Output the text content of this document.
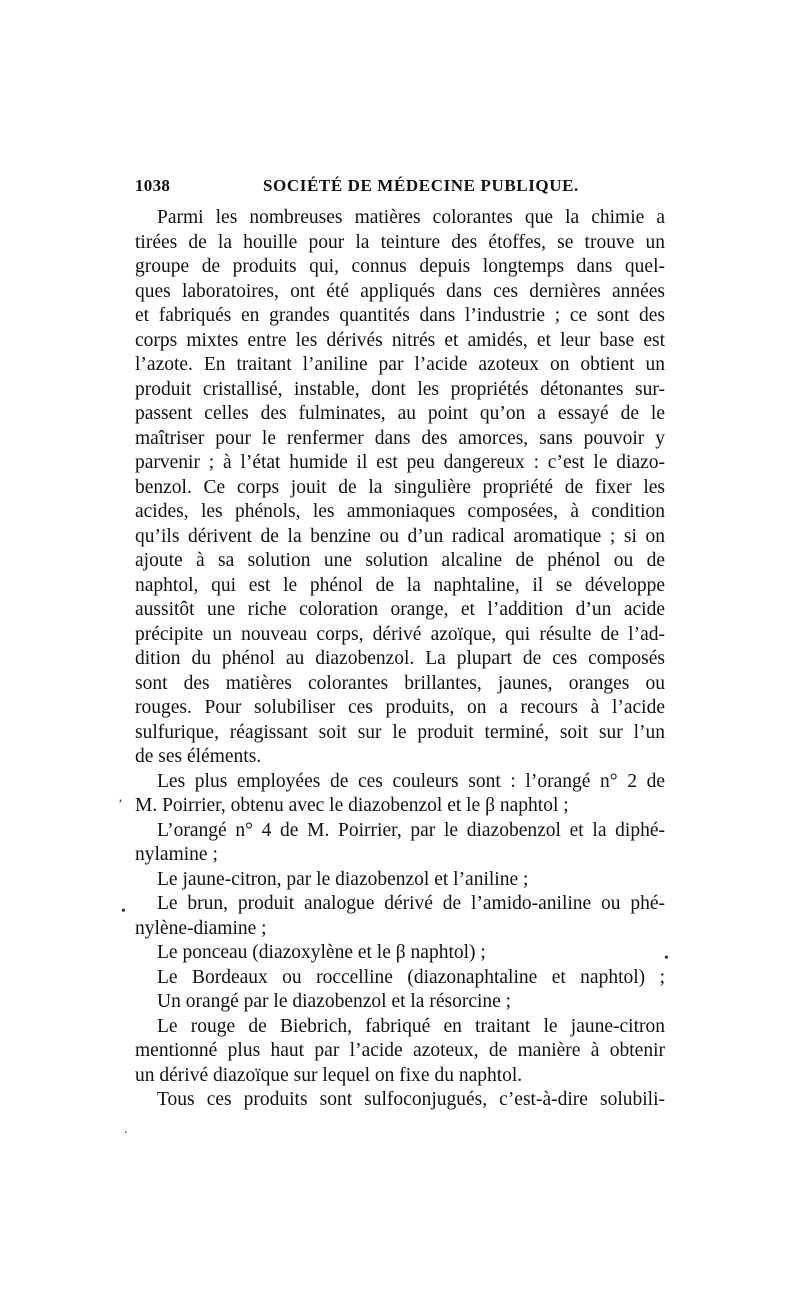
1038	SOCIÉTÉ DE MÉDECINE PUBLIQUE.
Parmi les nombreuses matières colorantes que la chimie a
tirées de la houille pour la teinture des étoffes, se trouve un
groupe de produits qui, connus depuis longtemps dans quel-
ques laboratoires, ont été appliqués dans ces dernières années
et fabriqués en grandes quantités dans l’industrie ; ce sont des
corps mixtes entre les dérivés nitrés et amidés, et leur base est
l’azote. En traitant l’aniline par l’acide azoteux on obtient un
produit cristallisé, instable, dont les propriétés détonantes sur-
passent celles des fulminates, au point qu’on a essayé de le
maîtriser pour le renfermer dans des amorces, sans pouvoir y
parvenir ; à l’état humide il est peu dangereux : c’est le diazo-
benzol. Ce corps jouit de la singulière propriété de fixer les
acides, les phénols, les ammoniaques composées, à condition
qu’ils dérivent de la benzine ou d’un radical aromatique ; si on
ajoute à sa solution une solution alcaline de phénol ou de
naphtol, qui est le phénol de la naphtaline, il se développe
aussitôt une riche coloration orange, et l’addition d’un acide
précipite un nouveau corps, dérivé azoïque, qui résulte de l’ad-
dition du phénol au diazobenzol. La plupart de ces composés
sont des matières colorantes brillantes, jaunes, oranges ou
rouges. Pour solubiliser ces produits, on a recours à l’acide
sulfurique, réagissant soit sur le produit terminé, soit sur l’un
de ses éléments.
Les plus employées de ces couleurs sont : l’orangé n° 2 de
M. Poirrier, obtenu avec le diazobenzol et le β naphtol ;
L’orangé n° 4 de M. Poirrier, par le diazobenzol et la diphé-
nylamine ;
Le jaune-citron, par le diazobenzol et l’aniline ;
Le brun, produit analogue dérivé de l’amido-aniline ou phé-
nylène-diamine ;
Le ponceau (diazoxylène et le β naphtol) ;
Le Bordeaux ou roccelline (diazonaphtaline et naphtol) ;
Un orangé par le diazobenzol et la résorcine ;
Le rouge de Biebrich, fabriqué en traitant le jaune-citron
mentionné plus haut par l’acide azoteux, de manière à obtenir
un dérivé diazoïque sur lequel on fixe du naphtol.
Tous ces produits sont sulfoconjugués, c’est-à-dire solubili-
‚
•
•
.
